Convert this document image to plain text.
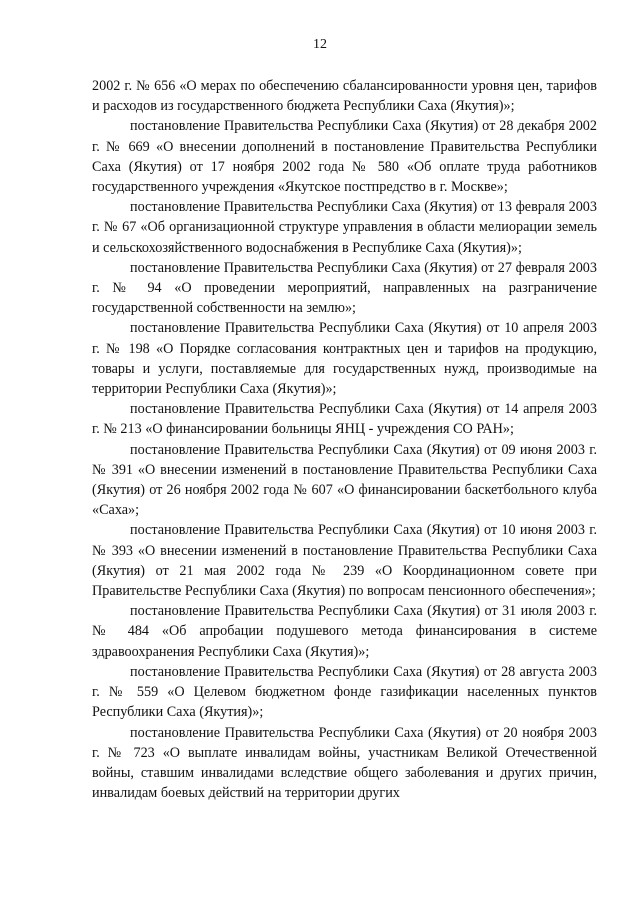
12

2002 г. № 656 «О мерах по обеспечению сбалансированности уровня цен, тарифов и расходов из государственного бюджета Республики Саха (Якутия)»;

постановление Правительства Республики Саха (Якутия) от 28 декабря 2002 г. № 669 «О внесении дополнений в постановление Правительства Республики Саха (Якутия) от 17 ноября 2002 года № 580 «Об оплате труда работников государственного учреждения «Якутское постпредство в г. Москве»;

постановление Правительства Республики Саха (Якутия) от 13 февраля 2003 г. № 67 «Об организационной структуре управления в области мелиорации земель и сельскохозяйственного водоснабжения в Республике Саха (Якутия)»;

постановление Правительства Республики Саха (Якутия) от 27 февраля 2003 г. № 94 «О проведении мероприятий, направленных на разграничение государственной собственности на землю»;

постановление Правительства Республики Саха (Якутия) от 10 апреля 2003 г. № 198 «О Порядке согласования контрактных цен и тарифов на продукцию, товары и услуги, поставляемые для государственных нужд, производимые на территории Республики Саха (Якутия)»;

постановление Правительства Республики Саха (Якутия) от 14 апреля 2003 г. № 213 «О финансировании больницы ЯНЦ - учреждения СО РАН»;

постановление Правительства Республики Саха (Якутия) от 09 июня 2003 г. № 391 «О внесении изменений в постановление Правительства Республики Саха (Якутия) от 26 ноября 2002 года № 607 «О финансировании баскетбольного клуба «Саха»;

постановление Правительства Республики Саха (Якутия) от 10 июня 2003 г. № 393 «О внесении изменений в постановление Правительства Республики Саха (Якутия) от 21 мая 2002 года № 239 «О Координационном совете при Правительстве Республики Саха (Якутия) по вопросам пенсионного обеспечения»;

постановление Правительства Республики Саха (Якутия) от 31 июля 2003 г. № 484 «Об апробации подушевого метода финансирования в системе здравоохранения Республики Саха (Якутия)»;

постановление Правительства Республики Саха (Якутия) от 28 августа 2003 г. № 559 «О Целевом бюджетном фонде газификации населенных пунктов Республики Саха (Якутия)»;

постановление Правительства Республики Саха (Якутия) от 20 ноября 2003 г. № 723 «О выплате инвалидам войны, участникам Великой Отечественной войны, ставшим инвалидами вследствие общего заболевания и других причин, инвалидам боевых действий на территории других
